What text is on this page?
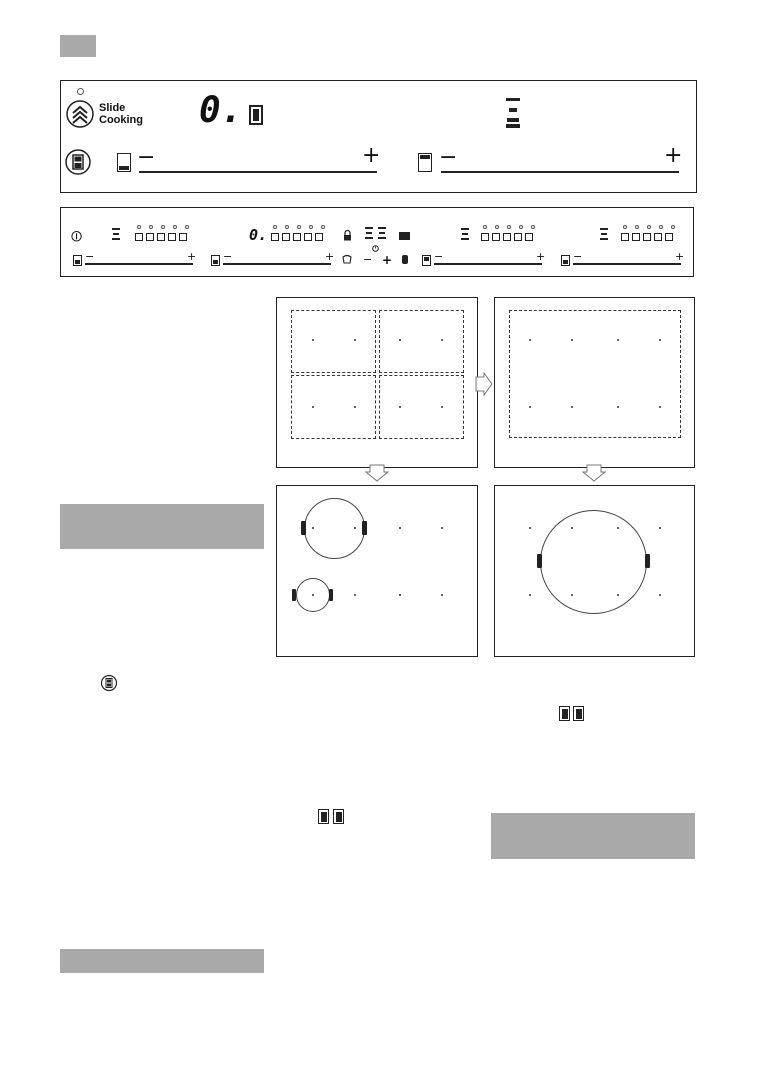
Slide
Cooking 0.
−	+	−	+
⏼
−	+
0.
−	+	− +	−	+	−	+
